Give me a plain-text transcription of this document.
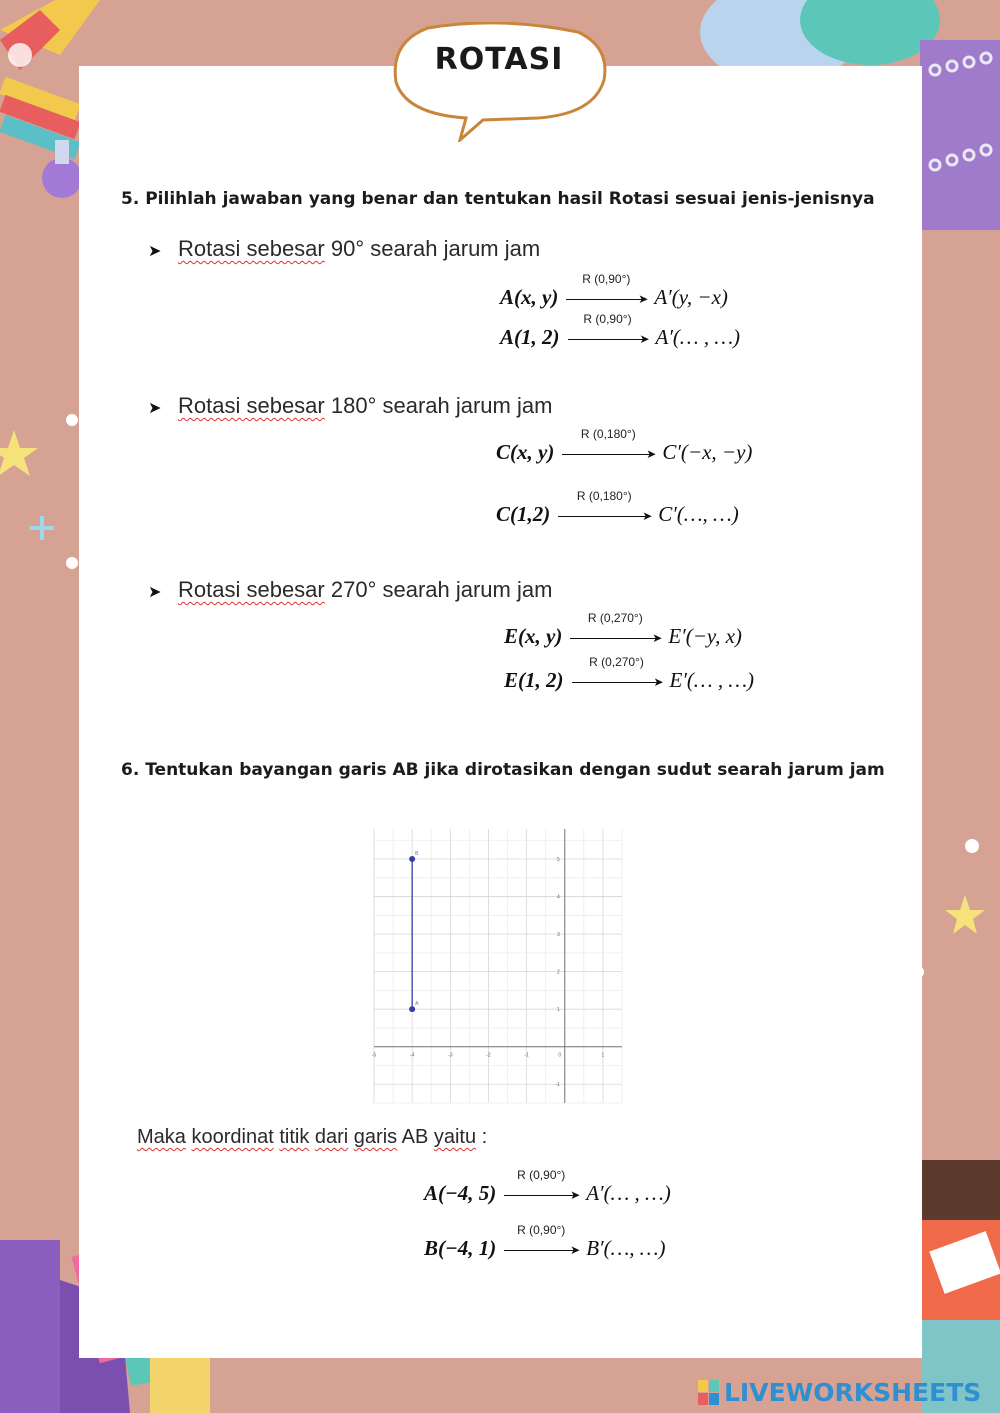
ROTASI
5. Pilihlah jawaban yang benar dan tentukan hasil Rotasi sesuai jenis-jenisnya
➤ Rotasi sebesar 90° searah jarum jam
A(x, y)
R (0,90°)
➤ A′(y, −x)
A(1, 2)
R (0,90°)
➤ A′(… , …)
➤ Rotasi sebesar 180° searah jarum jam
C(x, y)
R (0,180°)
➤ C′(−x, −y)
C(1,2)
R (0,180°)
➤ C′(…, …)
➤ Rotasi sebesar 270° searah jarum jam
E(x, y)
R (0,270°)
➤ E′(−y, x)
E(1, 2)
R (0,270°)
➤ E′(… , …)
6. Tentukan bayangan garis AB jika dirotasikan dengan sudut searah jarum jam
-5	-4	-3	-2	-1	0	1
-1
1
2
3
4
5
A
B
Maka koordinat titik dari garis AB yaitu :
A(−4, 5)
R (0,90°)
➤ A′(… , …)
B(−4, 1)
R (0,90°)
➤ B′(…, …)
LIVEWORKSHEETS
